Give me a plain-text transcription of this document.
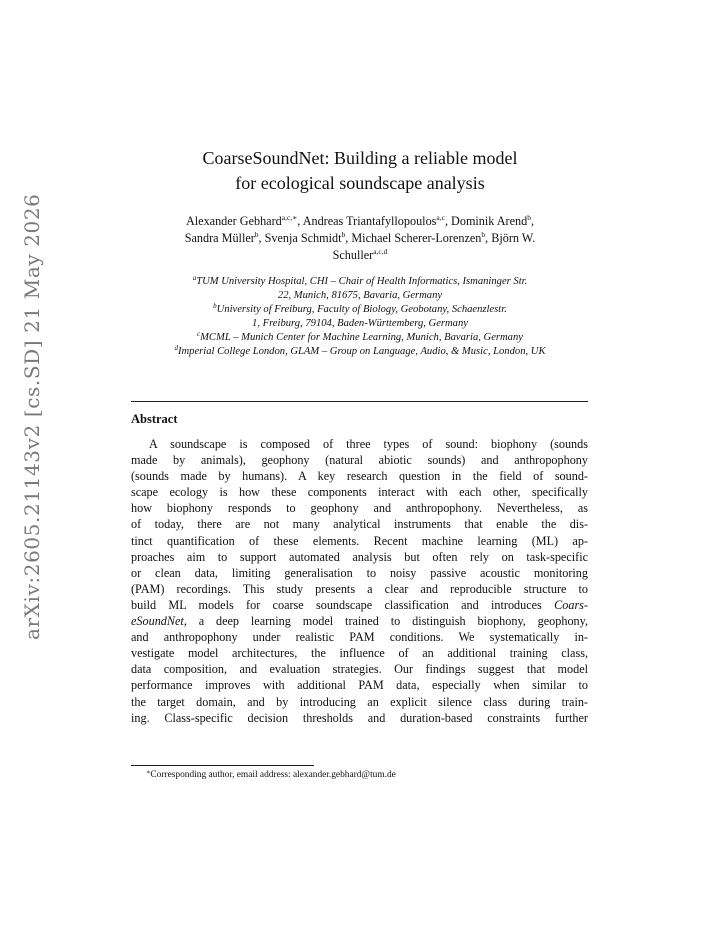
arXiv:2605.21143v2 [cs.SD] 21 May 2026
CoarseSoundNet: Building a reliable model
for ecological soundscape analysis
Alexander Gebhard$^{a,c,∗}$, Andreas Triantafyllopoulos$^{a,c}$, Dominik Arend$^b$,
Sandra Müller$^b$, Svenja Schmidt$^b$, Michael Scherer-Lorenzen$^b$, Björn W.
Schuller$^{a,c,d}$
$^a$TUM University Hospital, CHI – Chair of Health Informatics, Ismaninger Str.
22, Munich, 81675, Bavaria, Germany
$^b$University of Freiburg, Faculty of Biology, Geobotany, Schaenzlestr.
1, Freiburg, 79104, Baden-Württemberg, Germany
$^c$MCML – Munich Center for Machine Learning, Munich, Bavaria, Germany
$^d$Imperial College London, GLAM – Group on Language, Audio, & Music, London, UK
Abstract
A soundscape is composed of three types of sound: biophony (sounds
made by animals), geophony (natural abiotic sounds) and anthropophony
(sounds made by humans). A key research question in the field of sound-
scape ecology is how these components interact with each other, specifically
how biophony responds to geophony and anthropophony. Nevertheless, as
of today, there are not many analytical instruments that enable the dis-
tinct quantification of these elements. Recent machine learning (ML) ap-
proaches aim to support automated analysis but often rely on task-specific
or clean data, limiting generalisation to noisy passive acoustic monitoring
(PAM) recordings. This study presents a clear and reproducible structure to
build ML models for coarse soundscape classification and introduces Coars-
eSoundNet, a deep learning model trained to distinguish biophony, geophony,
and anthropophony under realistic PAM conditions. We systematically in-
vestigate model architectures, the influence of an additional training class,
data composition, and evaluation strategies. Our findings suggest that model
performance improves with additional PAM data, especially when similar to
the target domain, and by introducing an explicit silence class during train-
ing. Class-specific decision thresholds and duration-based constraints further
∗Corresponding author, email address: alexander.gebhard@tum.de
